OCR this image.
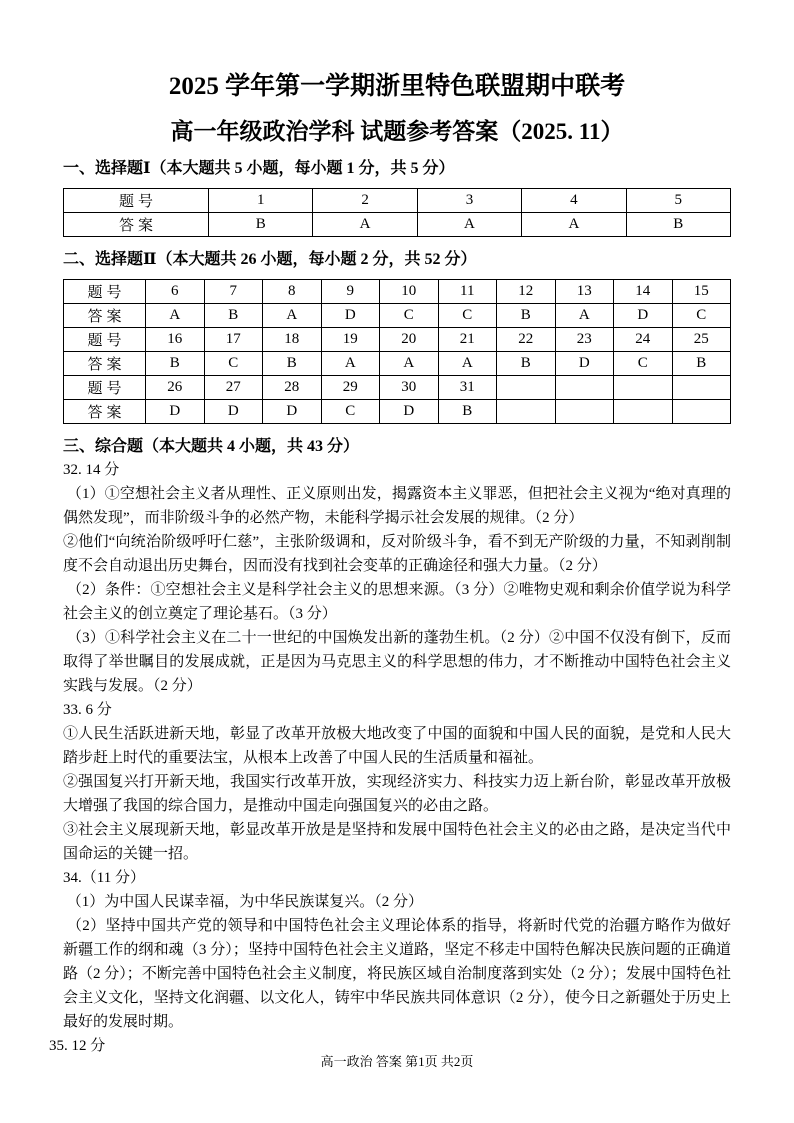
2025 学年第一学期浙里特色联盟期中联考
高一年级政治学科 试题参考答案（2025. 11）
一、选择题Ⅰ（本大题共 5 小题，每小题 1 分，共 5 分）
题号	1	2	3	4	5
答案	B	A	A	A	B
二、选择题Ⅱ（本大题共 26 小题，每小题 2 分，共 52 分）
题号	6	7	8	9	10	11	12	13	14	15
答案	A	B	A	D	C	C	B	A	D	C
题号	16	17	18	19	20	21	22	23	24	25
答案	B	C	B	A	A	A	B	D	C	B
题号	26	27	28	29	30	31				
答案	D	D	D	C	D	B				
三、综合题（本大题共 4 小题，共 43 分）
32. 14 分
（1）①空想社会主义者从理性、正义原则出发，揭露资本主义罪恶，但把社会主义视为“绝对真理的偶然发现”，而非阶级斗争的必然产物，未能科学揭示社会发展的规律。（2 分）
②他们“向统治阶级呼吁仁慈”，主张阶级调和，反对阶级斗争，看不到无产阶级的力量，不知剥削制度不会自动退出历史舞台，因而没有找到社会变革的正确途径和强大力量。（2 分）
（2）条件：①空想社会主义是科学社会主义的思想来源。（3 分）②唯物史观和剩余价值学说为科学社会主义的创立奠定了理论基石。（3 分）
（3）①科学社会主义在二十一世纪的中国焕发出新的蓬勃生机。（2 分）②中国不仅没有倒下，反而取得了举世瞩目的发展成就，正是因为马克思主义的科学思想的伟力，才不断推动中国特色社会主义实践与发展。（2 分）
33. 6 分
①人民生活跃进新天地，彰显了改革开放极大地改变了中国的面貌和中国人民的面貌，是党和人民大踏步赶上时代的重要法宝，从根本上改善了中国人民的生活质量和福祉。
②强国复兴打开新天地，我国实行改革开放，实现经济实力、科技实力迈上新台阶，彰显改革开放极大增强了我国的综合国力，是推动中国走向强国复兴的必由之路。
③社会主义展现新天地，彰显改革开放是是坚持和发展中国特色社会主义的必由之路，是决定当代中国命运的关键一招。
34.（11 分）
（1）为中国人民谋幸福，为中华民族谋复兴。（2 分）
（2）坚持中国共产党的领导和中国特色社会主义理论体系的指导，将新时代党的治疆方略作为做好新疆工作的纲和魂（3 分）；坚持中国特色社会主义道路，坚定不移走中国特色解决民族问题的正确道路（2 分）；不断完善中国特色社会主义制度，将民族区域自治制度落到实处（2 分）；发展中国特色社会主义文化，坚持文化润疆、以文化人，铸牢中华民族共同体意识（2 分），使今日之新疆处于历史上最好的发展时期。
35. 12 分
高一政治 答案 第1页 共2页
